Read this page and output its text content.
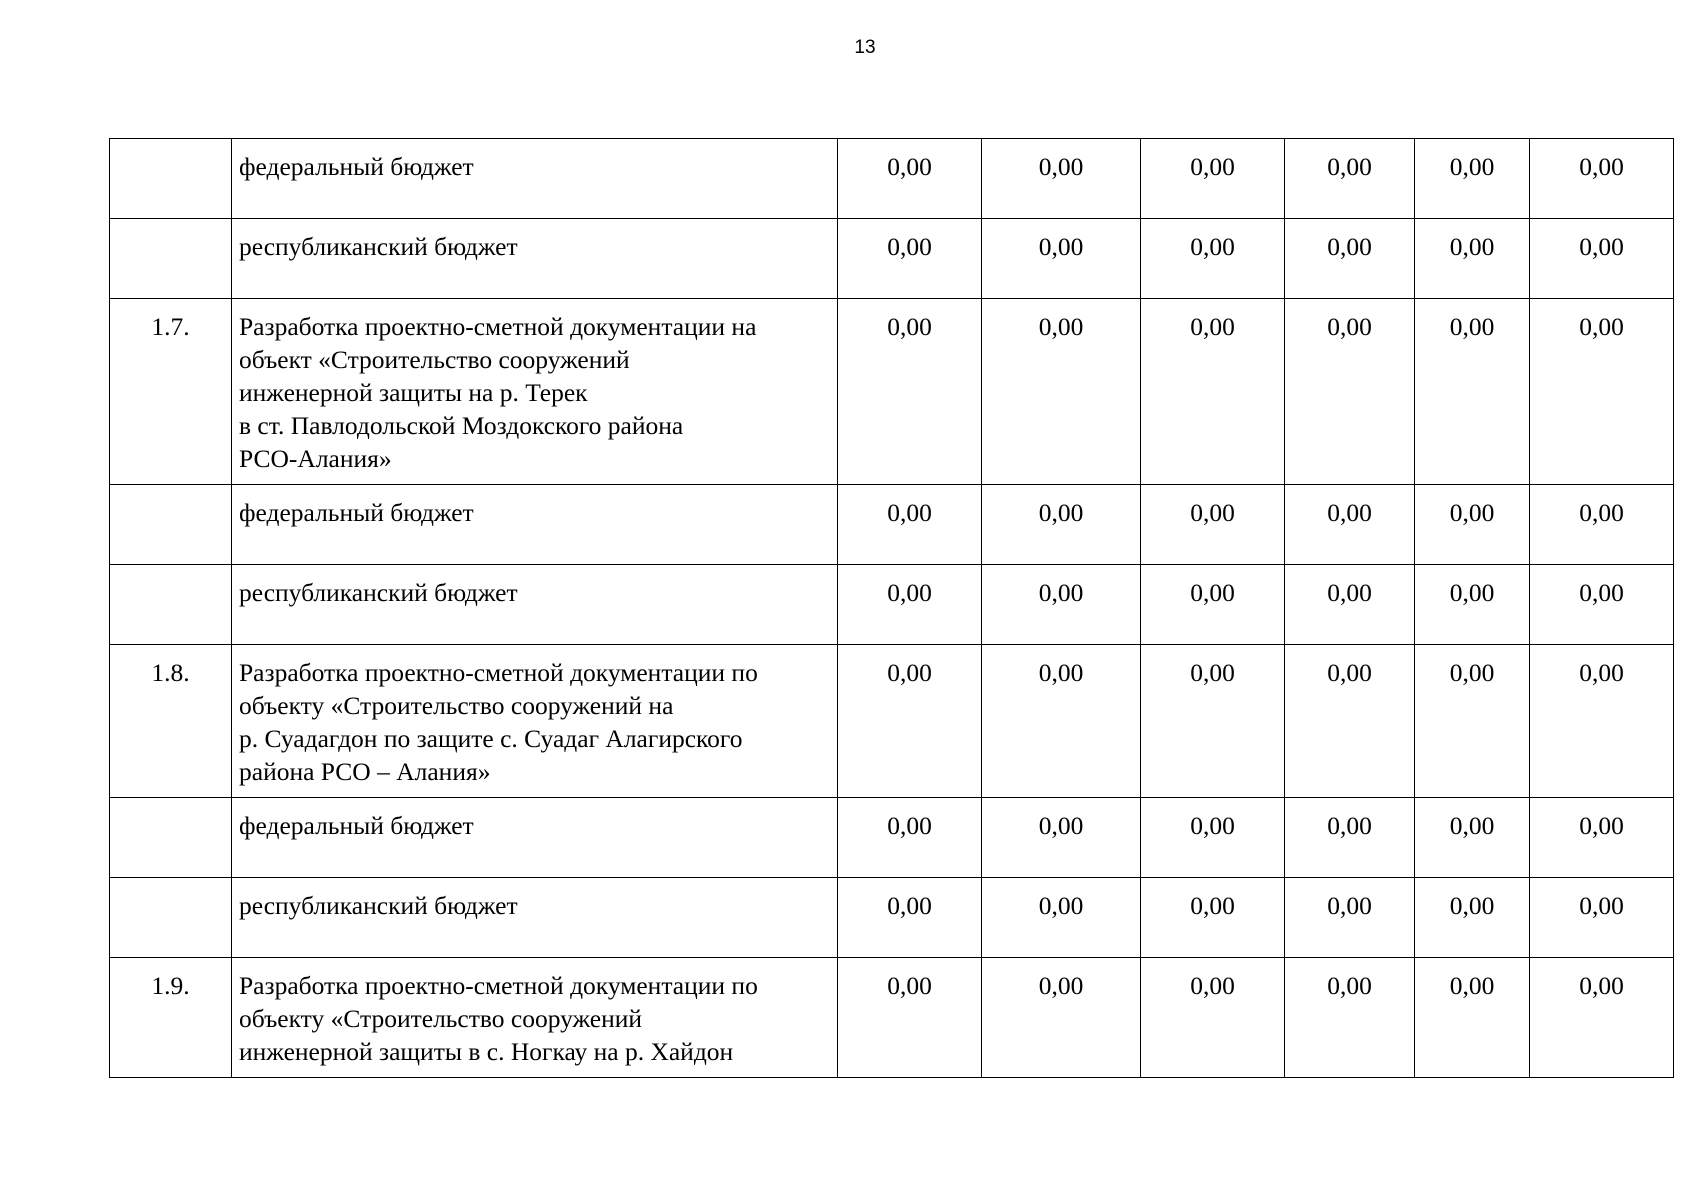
13
	федеральный бюджет	0,00	0,00	0,00	0,00	0,00	0,00
	республиканский бюджет	0,00	0,00	0,00	0,00	0,00	0,00
1.7.	Разработка проектно-сметной документации на
объект «Строительство сооружений
инженерной защиты на р. Терек
в ст. Павлодольской Моздокского района
РСО-Алания»	0,00	0,00	0,00	0,00	0,00	0,00
	федеральный бюджет	0,00	0,00	0,00	0,00	0,00	0,00
	республиканский бюджет	0,00	0,00	0,00	0,00	0,00	0,00
1.8.	Разработка проектно-сметной документации по
объекту «Строительство сооружений на
р. Суадагдон по защите с. Суадаг Алагирского
района РСО – Алания»	0,00	0,00	0,00	0,00	0,00	0,00
	федеральный бюджет	0,00	0,00	0,00	0,00	0,00	0,00
	республиканский бюджет	0,00	0,00	0,00	0,00	0,00	0,00
1.9.	Разработка проектно-сметной документации по
объекту «Строительство сооружений
инженерной защиты в с. Ногкау на р. Хайдон	0,00	0,00	0,00	0,00	0,00	0,00
